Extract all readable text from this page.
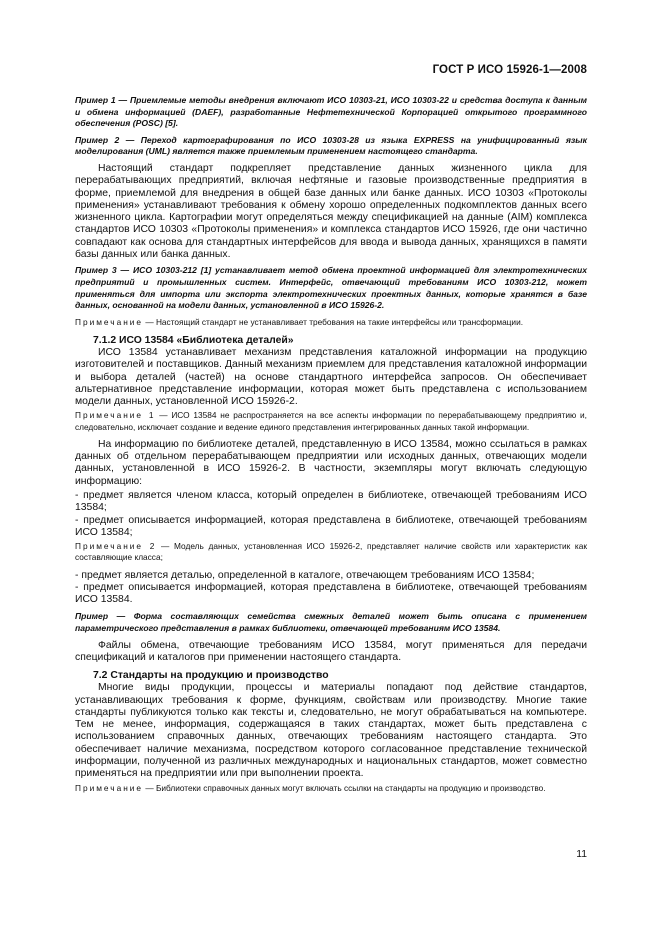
ГОСТ Р ИСО 15926-1—2008

Пример 1 — Приемлемые методы внедрения включают ИСО 10303-21, ИСО 10303-22 и средства доступа к данным и обмена информацией (DAEF), разработанные Нефтетехнической Корпорацией открытого программного обеспечения (POSC) [5].

Пример 2 — Переход картографирования по ИСО 10303-28 из языка EXPRESS на унифицированный язык моделирования (UML) является также приемлемым применением настоящего стандарта.

Настоящий стандарт подкрепляет представление данных жизненного цикла для перерабатывающих предприятий, включая нефтяные и газовые производственные предприятия в форме, приемлемой для внедрения в общей базе данных или банке данных. ИСО 10303 «Протоколы применения» устанавливают требования к обмену хорошо определенных подкомплектов данных всего жизненного цикла. Картографии могут определяться между спецификацией на данные (AIM) комплекса стандартов ИСО 10303 «Протоколы применения» и комплекса стандартов ИСО 15926, где они частично совпадают как основа для стандартных интерфейсов для ввода и вывода данных, хранящихся в памяти базы данных или банка данных.

Пример 3 — ИСО 10303-212 [1] устанавливает метод обмена проектной информацией для электротехнических предприятий и промышленных систем. Интерфейс, отвечающий требованиям ИСО 10303-212, может применяться для импорта или экспорта электротехнических проектных данных, которые хранятся в базе данных, основанной на модели данных, установленной в ИСО 15926-2.

Примечание — Настоящий стандарт не устанавливает требования на такие интерфейсы или трансформации.

7.1.2 ИСО 13584 «Библиотека деталей»

ИСО 13584 устанавливает механизм представления каталожной информации на продукцию изготовителей и поставщиков. Данный механизм приемлем для представления каталожной информации и выбора деталей (частей) на основе стандартного интерфейса запросов. Он обеспечивает альтернативное представление информации, которая может быть представлена с использованием модели данных, установленной ИСО 15926-2.

Примечание 1 — ИСО 13584 не распространяется на все аспекты информации по перерабатывающему предприятию и, следовательно, исключает создание и ведение единого представления интегрированных данных такой информации.

На информацию по библиотеке деталей, представленную в ИСО 13584, можно ссылаться в рамках данных об отдельном перерабатывающем предприятии или исходных данных, отвечающих модели данных, установленной в ИСО 15926-2. В частности, экземпляры могут включать следующую информацию:

- предмет является членом класса, который определен в библиотеке, отвечающей требованиям ИСО 13584;

- предмет описывается информацией, которая представлена в библиотеке, отвечающей требованиям ИСО 13584;

Примечание 2 — Модель данных, установленная ИСО 15926-2, представляет наличие свойств или характеристик как составляющие класса;

- предмет является деталью, определенной в каталоге, отвечающем требованиям ИСО 13584;

- предмет описывается информацией, которая представлена в библиотеке, отвечающей требованиям ИСО 13584.

Пример — Форма составляющих семейства смежных деталей может быть описана с применением параметрического представления в рамках библиотеки, отвечающей требованиям ИСО 13584.

Файлы обмена, отвечающие требованиям ИСО 13584, могут применяться для передачи спецификаций и каталогов при применении настоящего стандарта.

7.2 Стандарты на продукцию и производство

Многие виды продукции, процессы и материалы попадают под действие стандартов, устанавливающих требования к форме, функциям, свойствам или производству. Многие такие стандарты публикуются только как тексты и, следовательно, не могут обрабатываться на компьютере. Тем не менее, информация, содержащаяся в таких стандартах, может быть представлена с использованием справочных данных, отвечающих требованиям настоящего стандарта. Это обеспечивает наличие механизма, посредством которого согласованное представление технической информации, полученной из различных международных и национальных стандартов, может совместно применяться на предприятии или при выполнении проекта.

Примечание — Библиотеки справочных данных могут включать ссылки на стандарты на продукцию и производство.

11
